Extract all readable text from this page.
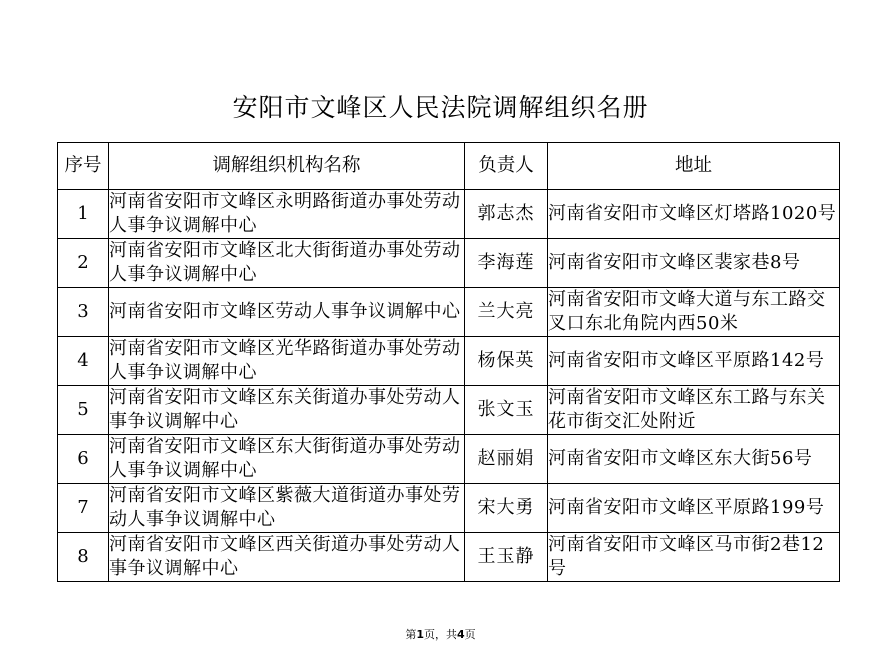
安阳市文峰区人民法院调解组织名册
序号	调解组织机构名称	负责人	地址
1	河南省安阳市文峰区永明路街道办事处劳动人事争议调解中心	郭志杰	河南省安阳市文峰区灯塔路1020号
2	河南省安阳市文峰区北大街街道办事处劳动人事争议调解中心	李海莲	河南省安阳市文峰区裴家巷8号
3	河南省安阳市文峰区劳动人事争议调解中心	兰大亮	河南省安阳市文峰大道与东工路交叉口东北角院内西50米
4	河南省安阳市文峰区光华路街道办事处劳动人事争议调解中心	杨保英	河南省安阳市文峰区平原路142号
5	河南省安阳市文峰区东关街道办事处劳动人事争议调解中心	张文玉	河南省安阳市文峰区东工路与东关花市街交汇处附近
6	河南省安阳市文峰区东大街街道办事处劳动人事争议调解中心	赵丽娟	河南省安阳市文峰区东大街56号
7	河南省安阳市文峰区紫薇大道街道办事处劳动人事争议调解中心	宋大勇	河南省安阳市文峰区平原路199号
8	河南省安阳市文峰区西关街道办事处劳动人事争议调解中心	王玉静	河南省安阳市文峰区马市街2巷12号
第1页，共4页
